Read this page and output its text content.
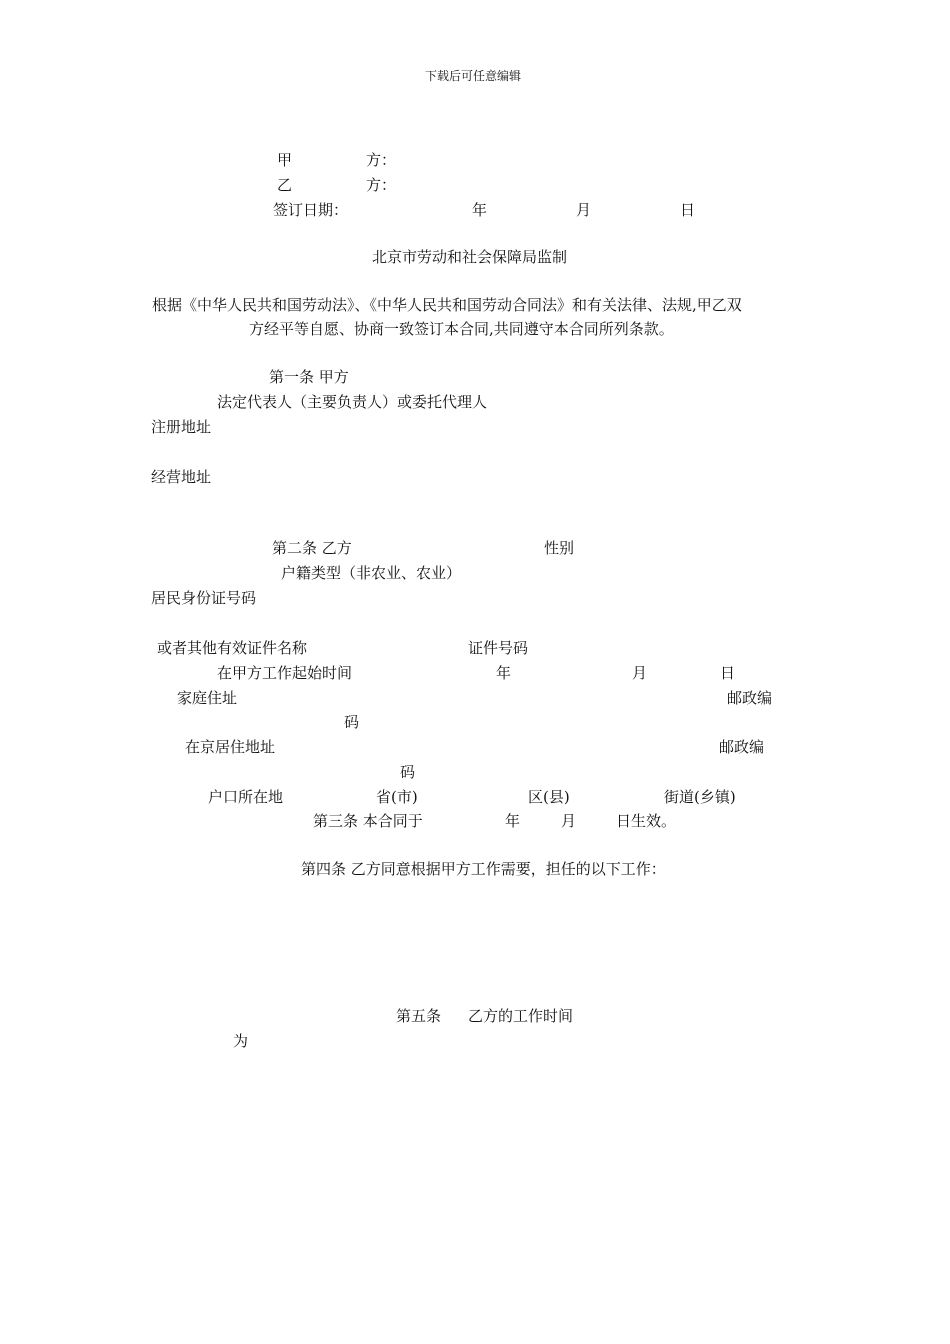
下载后可任意编辑
甲	方：
乙	方：
签订日期：	年	月	日
北京市劳动和社会保障局监制
根据《中华人民共和国劳动法》、《中华人民共和国劳动合同法》和有关法律、法规,甲乙双
方经平等自愿、协商一致签订本合同,共同遵守本合同所列条款。
第一条 甲方
法定代表人（主要负责人）或委托代理人
注册地址
经营地址
第二条 乙方	性别
户籍类型（非农业、农业）
居民身份证号码
或者其他有效证件名称	证件号码
在甲方工作起始时间	年	月	日
家庭住址	邮政编
码
在京居住地址	邮政编
码
户口所在地	省(市)	区(县)	街道(乡镇)
第三条 本合同于	年	月	日生效。
第四条 乙方同意根据甲方工作需要，担任的以下工作：
第五条 乙方的工作时间
为
